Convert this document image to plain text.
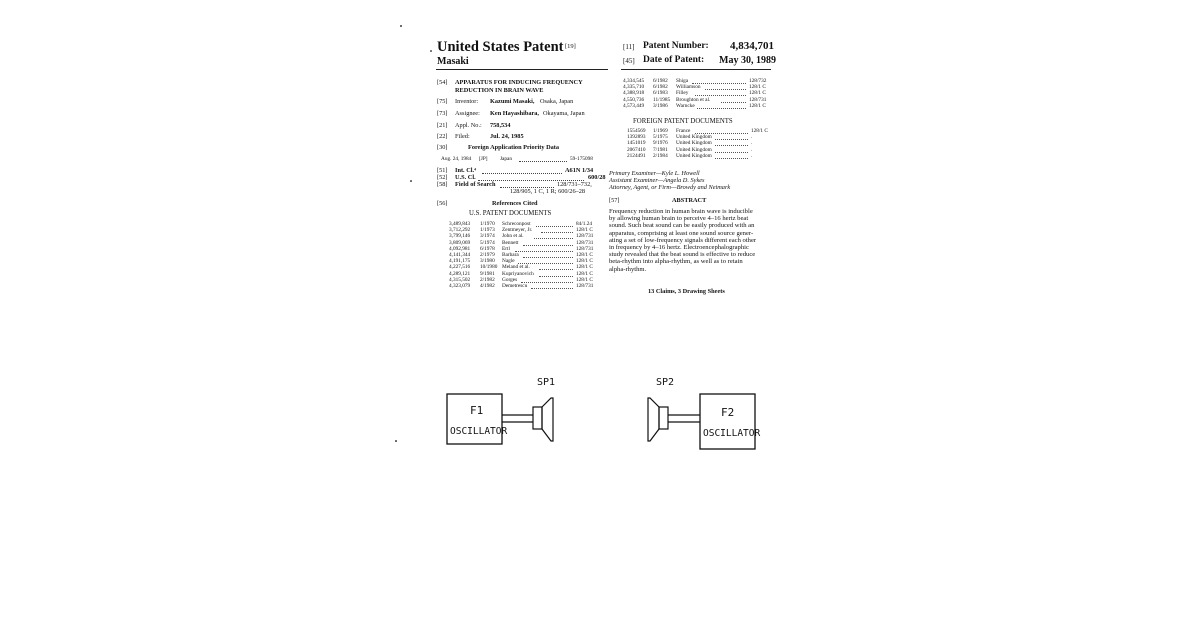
United States Patent [19]
Masaki
[11] Patent Number: 4,834,701
[45] Date of Patent: May 30, 1989
[54] APPARATUS FOR INDUCING FREQUENCY
REDUCTION IN BRAIN WAVE
[75] Inventor: Kazumi Masaki, Osaka, Japan
[73] Assignee: Ken Hayashibara, Okayama, Japan
[21] Appl. No.: 758,534
[22] Filed:	Jul. 24, 1985
[30]	Foreign Application Priority Data
Aug. 24, 1984 [JP] Japan	59-175098
[51] Int. Cl.⁴	A61N 1/34
[52] U.S. Cl.	600/28
[58] Field of Search	128/731–732,
128/905, 1 C, 1 R; 600/26–28
[56]	References Cited
U.S. PATENT DOCUMENTS
3,489,843 1/1970 Schreconpost	84/1.24
3,712,292 1/1973 Zentmeyer, Jr.	128/1 C
3,799,146 3/1974 John et al.	128/731
3,809,069 5/1974 Bennett	128/731
4,092,981 6/1978 Ertl	128/731
4,141,344 2/1979 Barbara	128/1 C
4,191,175 3/1980 Nagle	128/1 C
4,227,516 10/1980 Meland et al.	128/1 C
4,289,121 9/1981 Kupriyanovich	128/1 C
4,315,502 2/1982 Gorges	128/1 C
4,323,079 4/1982 Demetrescu	128/731
4,334,545 6/1982 Shiga	128/732
4,335,710 6/1982 Williamson	128/1 C
4,388,918 6/1983 Filley	128/1 C
4,550,736 11/1985 Broughton et al.	128/731
4,573,449 3/1986 Warncke	128/1 C
FOREIGN PATENT DOCUMENTS
1554569 1/1969 France	128/1 C
1392893 5/1975 United Kingdom	.
1451019 9/1976 United Kingdom	.
2067410 7/1981 United Kingdom	.
2124491 2/1984 United Kingdom	.
Primary Examiner—Kyle L. Howell
Assistant Examiner—Angela D. Sykes
Attorney, Agent, or Firm—Browdy and Neimark
[57]	ABSTRACT
Frequency reduction in human brain wave is inducible
by allowing human brain to perceive 4–16 hertz beat
sound. Such beat sound can be easily produced with an
apparatus, comprising at least one sound source gener-
ating a set of low-frequency signals different each other
in frequency by 4–16 hertz. Electroencephalographic
study revealed that the beat sound is effective to reduce
beta-rhythm into alpha-rhythm, as well as to retain
alpha-rhythm.
13 Claims, 3 Drawing Sheets
SP1
F1
OSCILLATOR
SP2
F2
OSCILLATOR
